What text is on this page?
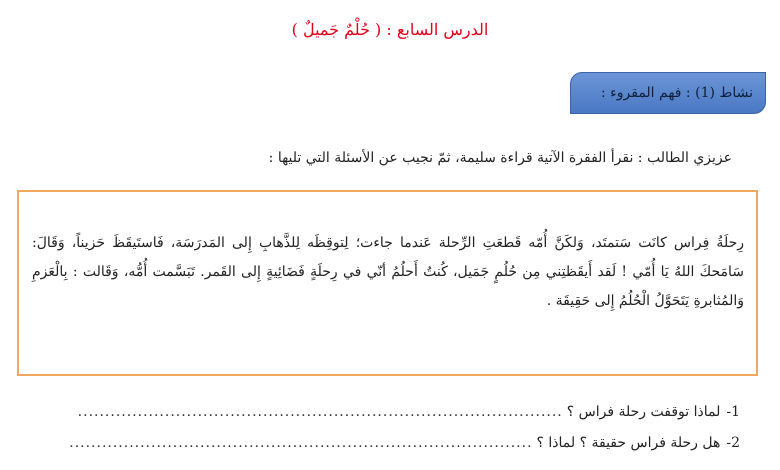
الدرس السابع : ( حُلْمٌ جَميلٌ )
نشاط (1) : فهم المقروء :
عزيزي الطالب : نقرأ الفقرة الآتية قراءة سليمة، ثمّ نجيب عن الأسئلة التي تليها :

رِحلَةُ فِراس كانَت سَتمتَد، وَلكَنَّ أُمّه قَطعَتِ الرِّحلة عَندما جاءت؛ لِتوقِظَه لِلذَّهابِ إِلى المَدرَسَة، فَاستَيقَظَ حَزيناً، وَقَالَ: سَامَحكَ اللهُ يَا أُمّي ! لَقد أَيقَظتِني مِن حُلُمٍ جَمَيل، كُنتُ أَحلُمُ أنّي في رِحلَةٍ فَضَائِيةٍ إِلى القَمر. تَبَسَّمت أُمُّه، وَقَالت : بِالْعَزمِ وَالمُثابرةِ يَتَحَوَّلُ الْحُلُمُ إِلى حَقِيقَة .

1-
لماذا توقفت رحلة فراس ؟
.........................................................................................
2-
هل رحلة فراس حقيقة ؟ لماذا ؟
.....................................................................................
